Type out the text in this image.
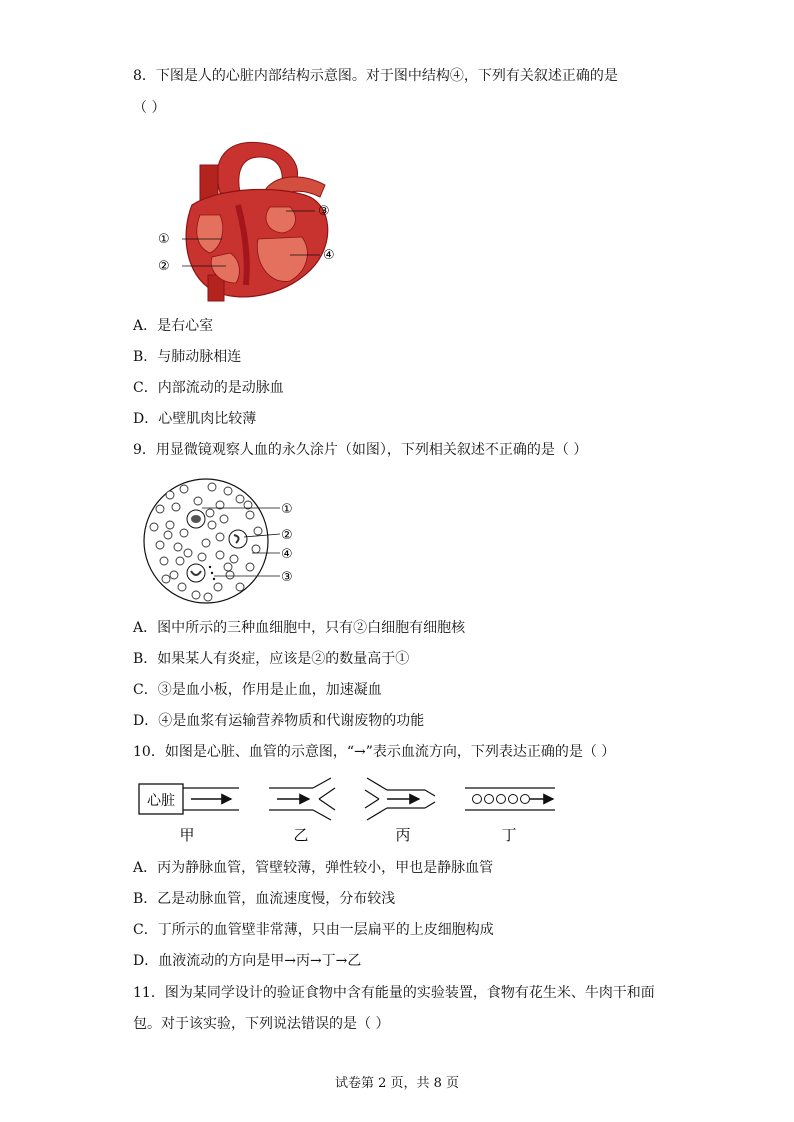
8．下图是人的心脏内部结构示意图。对于图中结构④，下列有关叙述正确的是
（ ）
①
②
③
④
A．是右心室
B．与肺动脉相连
C．内部流动的是动脉血
D．心壁肌肉比较薄
9．用显微镜观察人血的永久涂片（如图），下列相关叙述不正确的是（ ）
①
②
④
③
A．图中所示的三种血细胞中，只有②白细胞有细胞核
B．如果某人有炎症，应该是②的数量高于①
C．③是血小板，作用是止血，加速凝血
D．④是血浆有运输营养物质和代谢废物的功能
10．如图是心脏、血管的示意图，“→”表示血流方向，下列表达正确的是（ ）
心脏
甲	乙	丙	丁
A．丙为静脉血管，管壁较薄，弹性较小，甲也是静脉血管
B．乙是动脉血管，血流速度慢，分布较浅
C．丁所示的血管壁非常薄，只由一层扁平的上皮细胞构成
D．血液流动的方向是甲→丙→丁→乙
11．图为某同学设计的验证食物中含有能量的实验装置，食物有花生米、牛肉干和面
包。对于该实验，下列说法错误的是（ ）
试卷第 2 页，共 8 页
